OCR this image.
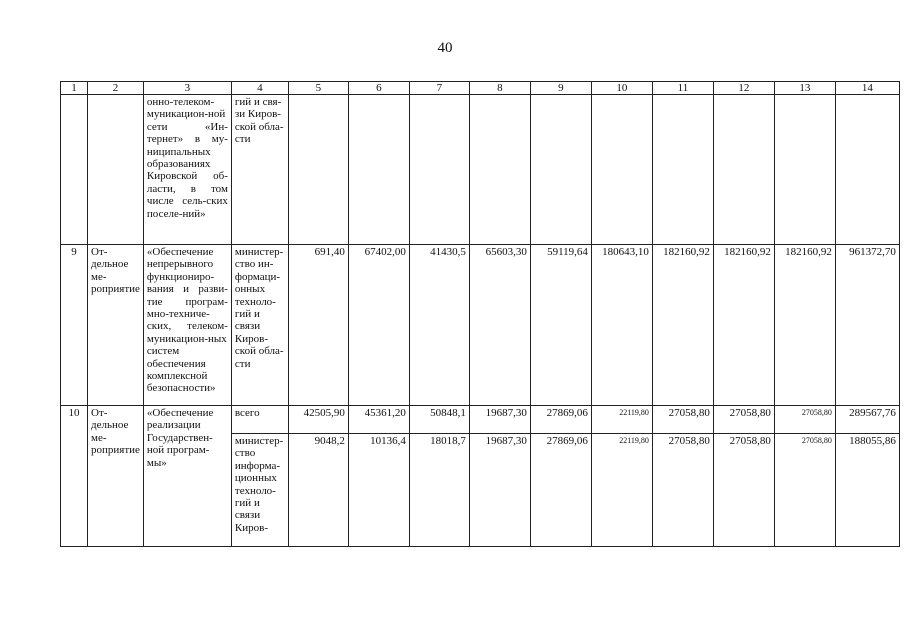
40
1	2	3	4	5	6	7	8	9	10	11	12	13	14
		онно-телеком-муникацион-ной сети «Ин-тернет» в му-ниципальных образованиях Кировской об-ласти, в том числе сель-ских поселе-ний»	гий и свя-зи Киров-ской обла-сти										
9	От-дельное ме-роприятие	«Обеспечение непрерывного функциониро-вания и разви-тие програм-мно-техниче-ских, телеком-муникацион-ных систем обеспечения комплексной безопасности»	министер-ство ин-формаци-онных техноло-гий и связи Киров-ской обла-сти	691,40	67402,00	41430,5	65603,30	59119,64	180643,10	182160,92	182160,92	182160,92	961372,70
10	От-дельное ме-роприятие	«Обеспечение реализации Государствен-ной програм-мы»	всего	42505,90	45361,20	50848,1	19687,30	27869,06	22119,80	27058,80	27058,80	27058,80	289567,76
			министер-ство информа-ционных техноло-гий и связи Киров-	9048,2	10136,4	18018,7	19687,30	27869,06	22119,80	27058,80	27058,80	27058,80	188055,86
